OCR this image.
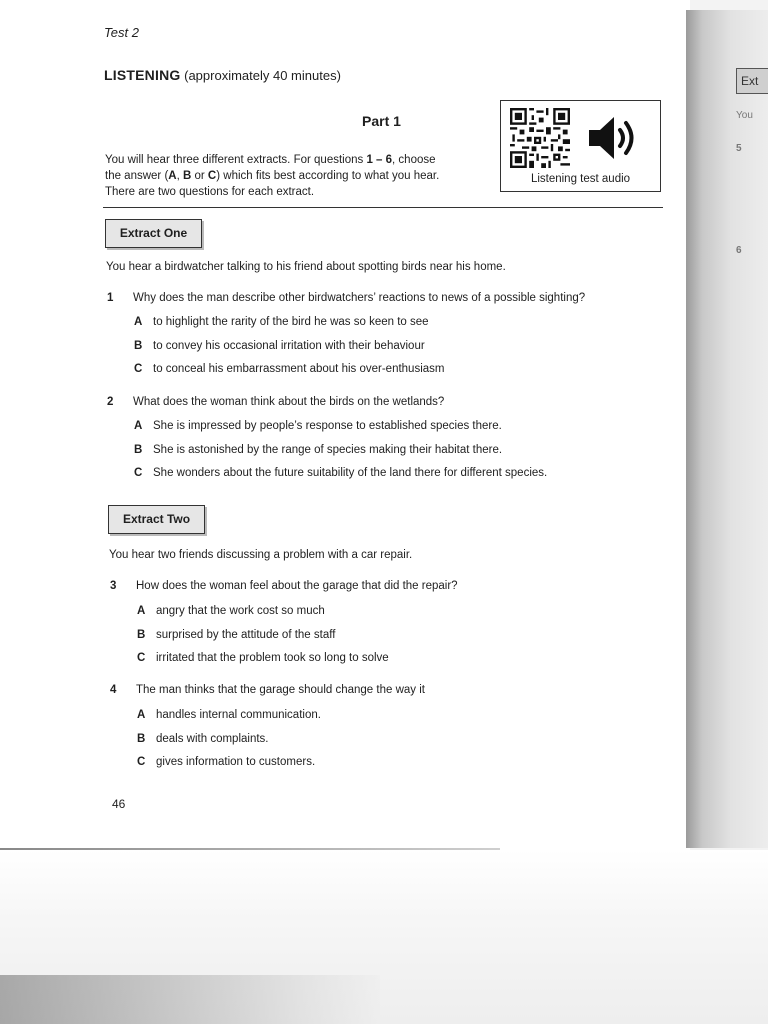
Ext
You
5
6
Test 2
LISTENING (approximately 40 minutes)
Part 1
You will hear three different extracts. For questions 1 – 6, choose
the answer (A, B or C) which fits best according to what you hear.
There are two questions for each extract.
Listening test audio
Extract One
You hear a birdwatcher talking to his friend about spotting birds near his home.
1 Why does the man describe other birdwatchers’ reactions to news of a possible sighting?
A to highlight the rarity of the bird he was so keen to see
B to convey his occasional irritation with their behaviour
C to conceal his embarrassment about his over-enthusiasm
2 What does the woman think about the birds on the wetlands?
A She is impressed by people’s response to established species there.
B She is astonished by the range of species making their habitat there.
C She wonders about the future suitability of the land there for different species.
Extract Two
You hear two friends discussing a problem with a car repair.
3 How does the woman feel about the garage that did the repair?
A angry that the work cost so much
B surprised by the attitude of the staff
C irritated that the problem took so long to solve
4 The man thinks that the garage should change the way it
A handles internal communication.
B deals with complaints.
C gives information to customers.
46
